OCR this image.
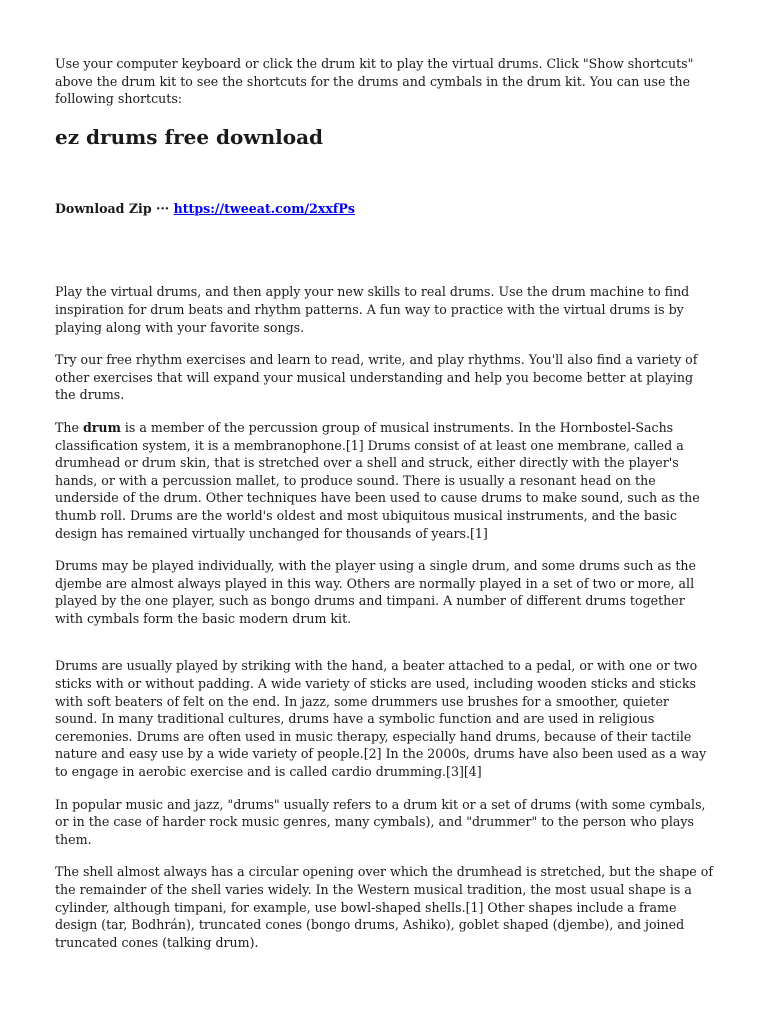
Use your computer keyboard or click the drum kit to play the virtual drums. Click "Show shortcuts" above the drum kit to see the shortcuts for the drums and cymbals in the drum kit. You can use the following shortcuts:

ez drums free download

Download Zip ··· https://tweeat.com/2xxfPs

Play the virtual drums, and then apply your new skills to real drums. Use the drum machine to find inspiration for drum beats and rhythm patterns. A fun way to practice with the virtual drums is by playing along with your favorite songs.

Try our free rhythm exercises and learn to read, write, and play rhythms. You'll also find a variety of other exercises that will expand your musical understanding and help you become better at playing the drums.

The drum is a member of the percussion group of musical instruments. In the Hornbostel-Sachs classification system, it is a membranophone.[1] Drums consist of at least one membrane, called a drumhead or drum skin, that is stretched over a shell and struck, either directly with the player's hands, or with a percussion mallet, to produce sound. There is usually a resonant head on the underside of the drum. Other techniques have been used to cause drums to make sound, such as the thumb roll. Drums are the world's oldest and most ubiquitous musical instruments, and the basic design has remained virtually unchanged for thousands of years.[1]

Drums may be played individually, with the player using a single drum, and some drums such as the djembe are almost always played in this way. Others are normally played in a set of two or more, all played by the one player, such as bongo drums and timpani. A number of different drums together with cymbals form the basic modern drum kit.

Drums are usually played by striking with the hand, a beater attached to a pedal, or with one or two sticks with or without padding. A wide variety of sticks are used, including wooden sticks and sticks with soft beaters of felt on the end. In jazz, some drummers use brushes for a smoother, quieter sound. In many traditional cultures, drums have a symbolic function and are used in religious ceremonies. Drums are often used in music therapy, especially hand drums, because of their tactile nature and easy use by a wide variety of people.[2] In the 2000s, drums have also been used as a way to engage in aerobic exercise and is called cardio drumming.[3][4]

In popular music and jazz, "drums" usually refers to a drum kit or a set of drums (with some cymbals, or in the case of harder rock music genres, many cymbals), and "drummer" to the person who plays them.

The shell almost always has a circular opening over which the drumhead is stretched, but the shape of the remainder of the shell varies widely. In the Western musical tradition, the most usual shape is a cylinder, although timpani, for example, use bowl-shaped shells.[1] Other shapes include a frame design (tar, Bodhrán), truncated cones (bongo drums, Ashiko), goblet shaped (djembe), and joined truncated cones (talking drum).
